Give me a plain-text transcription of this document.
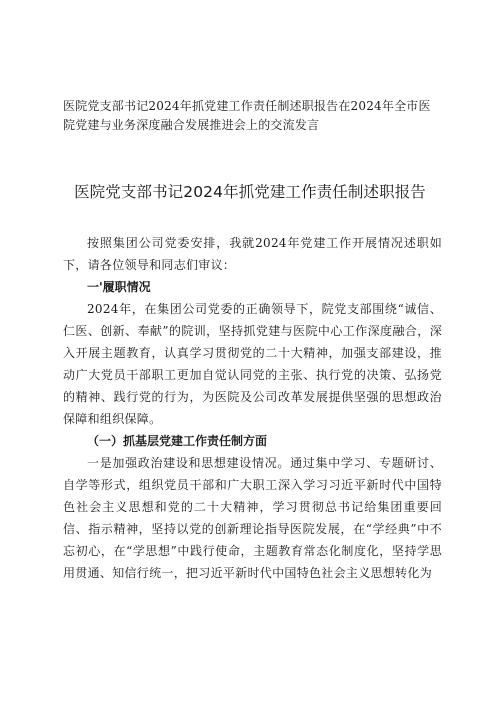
医院党支部书记2024年抓党建工作责任制述职报告在2024年全市医院党建与业务深度融合发展推进会上的交流发言
医院党支部书记2024年抓党建工作责任制述职报告

按照集团公司党委安排，我就2024年党建工作开展情况述职如下，请各位领导和同志们审议：

一'履职情况

2024年，在集团公司党委的正确领导下，院党支部围绕“诚信、仁医、创新、奉献”的院训，坚持抓党建与医院中心工作深度融合，深入开展主题教育，认真学习贯彻党的二十大精神，加强支部建设，推动广大党员干部职工更加自觉认同党的主张、执行党的决策、弘扬党的精神、践行党的行为，为医院及公司改革发展提供坚强的思想政治保障和组织保障。

（一）抓基层党建工作责任制方面

一是加强政治建设和思想建设情况。通过集中学习、专题研讨、自学等形式，组织党员干部和广大职工深入学习习近平新时代中国特色社会主义思想和党的二十大精神，学习贯彻总书记给集团重要回信、指示精神，坚持以党的创新理论指导医院发展，在“学经典”中不忘初心，在“学思想”中践行使命，主题教育常态化制度化，坚持学思用贯通、知信行统一，把习近平新时代中国特色社会主义思想转化为
